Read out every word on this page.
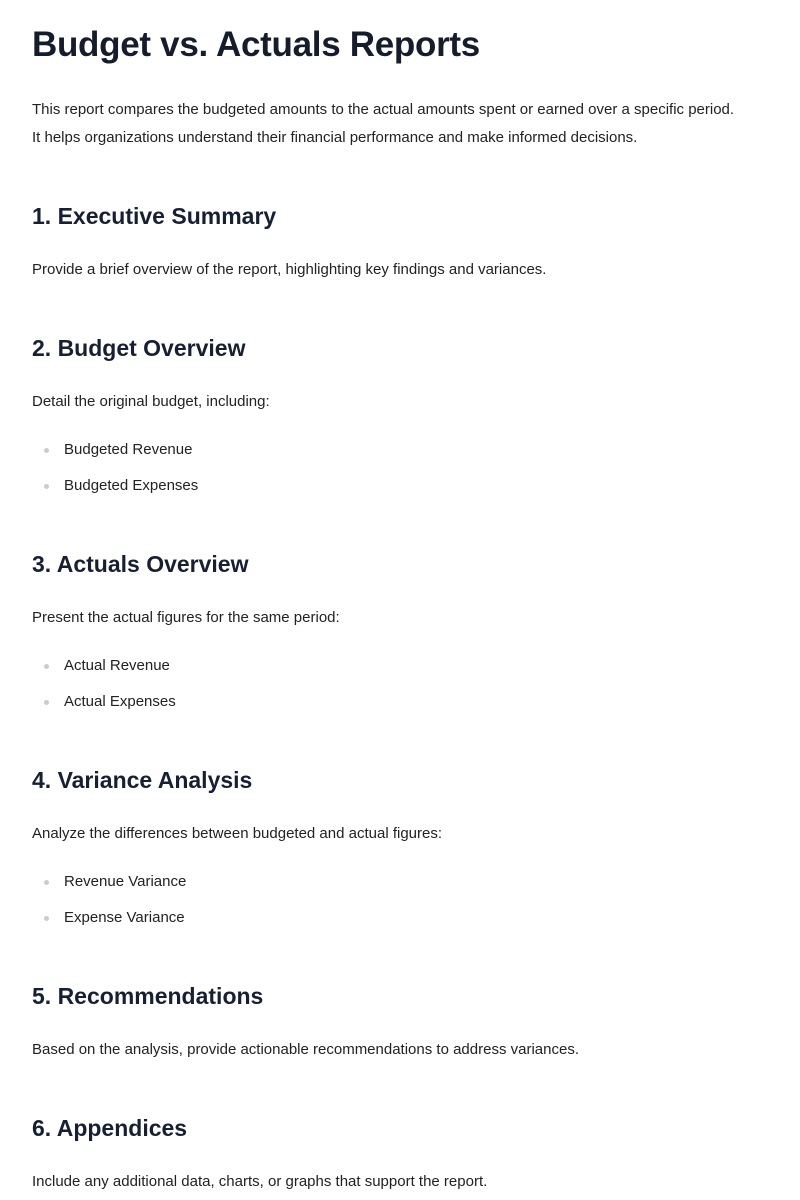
Budget vs. Actuals Reports

This report compares the budgeted amounts to the actual amounts spent or earned over a specific period.
It helps organizations understand their financial performance and make informed decisions.

1. Executive Summary

Provide a brief overview of the report, highlighting key findings and variances.

2. Budget Overview

Detail the original budget, including:

Budgeted Revenue
Budgeted Expenses
3. Actuals Overview

Present the actual figures for the same period:

Actual Revenue
Actual Expenses
4. Variance Analysis

Analyze the differences between budgeted and actual figures:

Revenue Variance
Expense Variance
5. Recommendations

Based on the analysis, provide actionable recommendations to address variances.

6. Appendices

Include any additional data, charts, or graphs that support the report.
